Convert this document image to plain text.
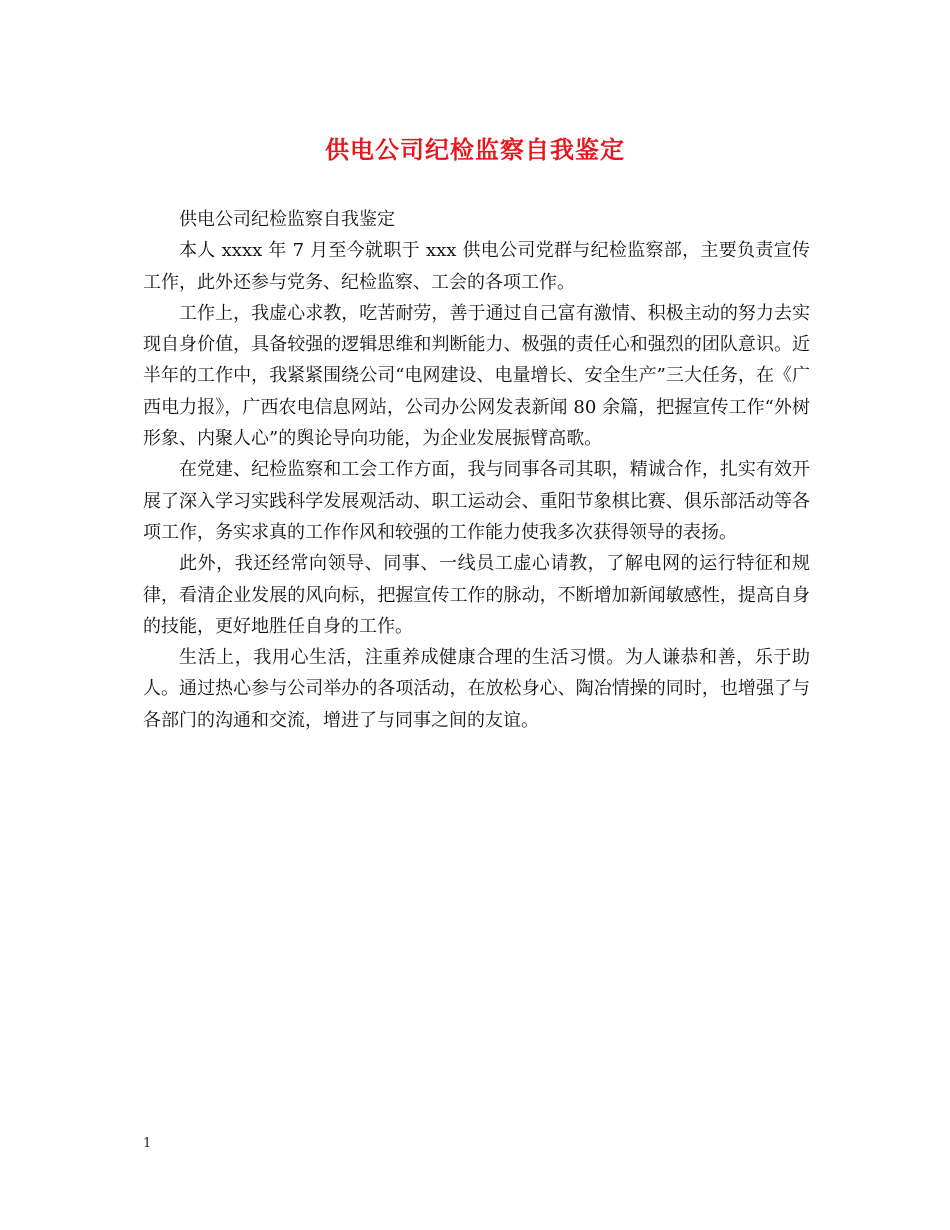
供电公司纪检监察自我鉴定

供电公司纪检监察自我鉴定

本人 xxxx 年 7 月至今就职于 xxx 供电公司党群与纪检监察部，主要负责宣传工作，此外还参与党务、纪检监察、工会的各项工作。

工作上，我虚心求教，吃苦耐劳，善于通过自己富有激情、积极主动的努力去实现自身价值，具备较强的逻辑思维和判断能力、极强的责任心和强烈的团队意识。近半年的工作中，我紧紧围绕公司“电网建设、电量增长、安全生产”三大任务，在《广西电力报》，广西农电信息网站，公司办公网发表新闻 80 余篇，把握宣传工作“外树形象、内聚人心”的舆论导向功能，为企业发展振臂高歌。

在党建、纪检监察和工会工作方面，我与同事各司其职，精诚合作，扎实有效开展了深入学习实践科学发展观活动、职工运动会、重阳节象棋比赛、俱乐部活动等各项工作，务实求真的工作作风和较强的工作能力使我多次获得领导的表扬。

此外，我还经常向领导、同事、一线员工虚心请教，了解电网的运行特征和规律，看清企业发展的风向标，把握宣传工作的脉动，不断增加新闻敏感性，提高自身的技能，更好地胜任自身的工作。

生活上，我用心生活，注重养成健康合理的生活习惯。为人谦恭和善，乐于助人。通过热心参与公司举办的各项活动，在放松身心、陶冶情操的同时，也增强了与各部门的沟通和交流，增进了与同事之间的友谊。

1
